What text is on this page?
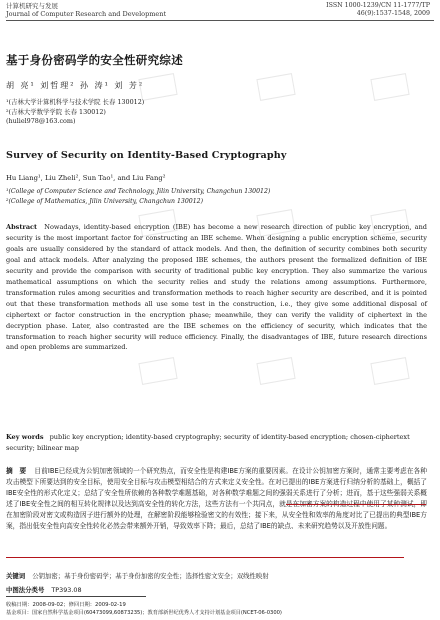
计算机研究与发展
Journal of Computer Research and Development
ISSN 1000-1239/CN 11-1777/TP
46(9):1537-1548, 2009
基于身份密码学的安全性研究综述
胡 亮¹ 刘哲理² 孙 涛¹ 刘 芳²
¹(吉林大学计算机科学与技术学院 长春 130012)
²(吉林大学数学学院 长春 130012)
(huliel978@163.com)
Survey of Security on Identity-Based Cryptography
Hu Liang¹, Liu Zheli², Sun Tao¹, and Liu Fang²
¹(College of Computer Science and Technology, Jilin University, Changchun 130012)
²(College of Mathematics, Jilin University, Changchun 130012)
Abstract Nowadays, identity-based encryption (IBE) has become a new research direction of public key encryption, and security is the most important factor for constructing an IBE scheme. When designing a public encryption scheme, security goals are usually considered by the standard of attack models. And then, the definition of security combines both security goal and attack models. After analyzing the proposed IBE schemes, the authors present the formalized definition of IBE security and provide the comparison with security of traditional public key encryption. They also summarize the various mathematical assumptions on which the security relies and study the relations among assumptions. Furthermore, transformation rules among securities and transformation methods to reach higher security are described, and it is pointed out that these transformation methods all use some test in the construction, i.e., they give some additional disposal of ciphertext or factor construction in the encryption phase; meanwhile, they can verify the validity of ciphertext in the decryption phase. Later, also contrasted are the IBE schemes on the efficiency of security, which indicates that the transformation to reach higher security will reduce efficiency. Finally, the disadvantages of IBE, future research directions and open problems are summarized.
Key words public key encryption; identity-based cryptography; security of identity-based encryption; chosen-ciphertext security; bilinear map
摘　要 目前IBE已经成为公钥加密领域的一个研究热点，而安全性是构建IBE方案的重要因素。在设计公钥加密方案时，通常主要考虑在各种攻击模型下所要达到的安全目标，使用安全目标与攻击模型相结合的方式来定义安全性。在对已提出的IBE方案进行归纳分析的基础上，概括了IBE安全性的形式化定义；总结了安全性所依赖的各种数学难题基础，对各种数学难题之间的强弱关系进行了分析；进而，基于这些强弱关系概述了IBE安全性之间的相互转化规律以及达到高安全性的转化方法，这些方法有一个共同点，就是在加密方案的构造过程中使用了某种测试，即在加密阶段对密文或构造因子进行额外的处理，在解密阶段能够检验密文的有效性；接下来，从安全性和效率的角度对比了已提出的典型IBE方案，指出低安全性向高安全性转化必然会带来额外开销，导致效率下降；最后，总结了IBE的缺点、未来研究趋势以及开放性问题。
关键词 公钥加密；基于身份密码学；基于身份加密的安全性；选择性密文安全；双线性映射
中图法分类号 TP393.08
收稿日期：2008-09-02；修回日期：2009-02-19
基金项目：国家自然科学基金项目(60473099,60873235)；教育部新世纪优秀人才支持计划基金项目(NCET-06-0300)
